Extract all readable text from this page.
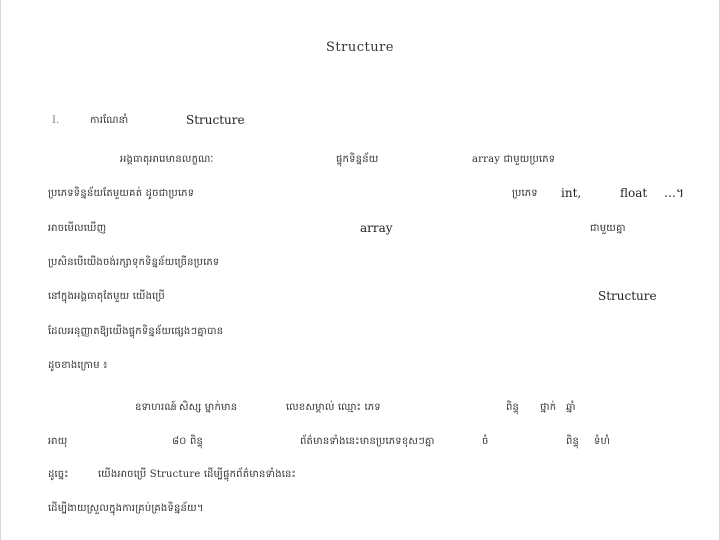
Structure
I.	ការណែនាំ	Structure
អង្គធាតុអារេមានលក្ខណៈ	ផ្ទុកទិន្នន័យ	array ជាមួយប្រភេទ
ប្រភេទទិន្នន័យតែមួយគត់ ដូចជាប្រភេទ	ប្រភេទ int,	float …។
អាចមើលឃើញ	array	ជាមួយគ្នា
ប្រសិនបើយើងចង់រក្សាទុកទិន្នន័យច្រើនប្រភេទ
នៅក្នុងអង្គធាតុតែមួយ យើងប្រើ	Structure
ដែលអនុញ្ញាតឱ្យយើងផ្ទុកទិន្នន័យផ្សេងៗគ្នាបាន
ដូចខាងក្រោម ៖
ឧទាហរណ៍
: សិស្ស ម្នាក់មាន	លេខសម្គាល់ ឈ្មោះ ភេទ	ពិន្ទុ ថ្នាក់ ឆ្នាំ
អាយុ	៨០ ពិន្ទុ	ព័ត៌មានទាំងនេះមានប្រភេទខុសៗគ្នា	ចំ	ពិន្ទុ ទំហំ
ដូច្នេះ	យើងអាចប្រើ Structure ដើម្បីផ្ទុកព័ត៌មានទាំងនេះ
ដើម្បីងាយស្រួលក្នុងការគ្រប់គ្រងទិន្នន័យ។
